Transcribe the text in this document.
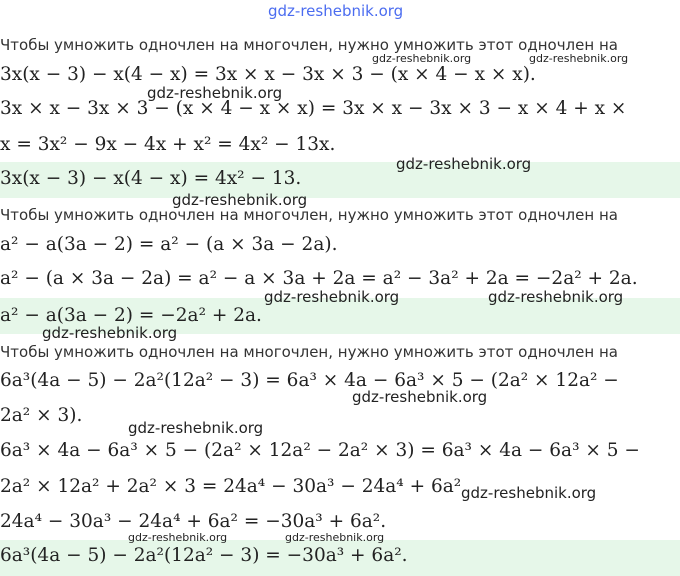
gdz-reshebnik.org
Чтобы умножить одночлен на многочлен, нужно умножить этот одночлен на
3x(x − 3) − x(4 − x) = 3x × x − 3x × 3 − (x × 4 − x × x).
3x × x − 3x × 3 − (x × 4 − x × x) = 3x × x − 3x × 3 − x × 4 + x ×
x = 3x² − 9x − 4x + x² = 4x² − 13x.
3x(x − 3) − x(4 − x) = 4x² − 13.
Чтобы умножить одночлен на многочлен, нужно умножить этот одночлен на
a² − a(3a − 2) = a² − (a × 3a − 2a).
a² − (a × 3a − 2a) = a² − a × 3a + 2a = a² − 3a² + 2a = −2a² + 2a.
a² − a(3a − 2) = −2a² + 2a.
Чтобы умножить одночлен на многочлен, нужно умножить этот одночлен на
6a³(4a − 5) − 2a²(12a² − 3) = 6a³ × 4a − 6a³ × 5 − (2a² × 12a² −
2a² × 3).
6a³ × 4a − 6a³ × 5 − (2a² × 12a² − 2a² × 3) = 6a³ × 4a − 6a³ × 5 −
2a² × 12a² + 2a² × 3 = 24a⁴ − 30a³ − 24a⁴ + 6a²
24a⁴ − 30a³ − 24a⁴ + 6a² = −30a³ + 6a².
6a³(4a − 5) − 2a²(12a² − 3) = −30a³ + 6a².
gdz-reshebnik.org	gdz-reshebnik.org
gdz-reshebnik.org
gdz-reshebnik.org
gdz-reshebnik.org
gdz-reshebnik.org	gdz-reshebnik.org
gdz-reshebnik.org
gdz-reshebnik.org
gdz-reshebnik.org
gdz-reshebnik.org
gdz-reshebnik.org	gdz-reshebnik.org
